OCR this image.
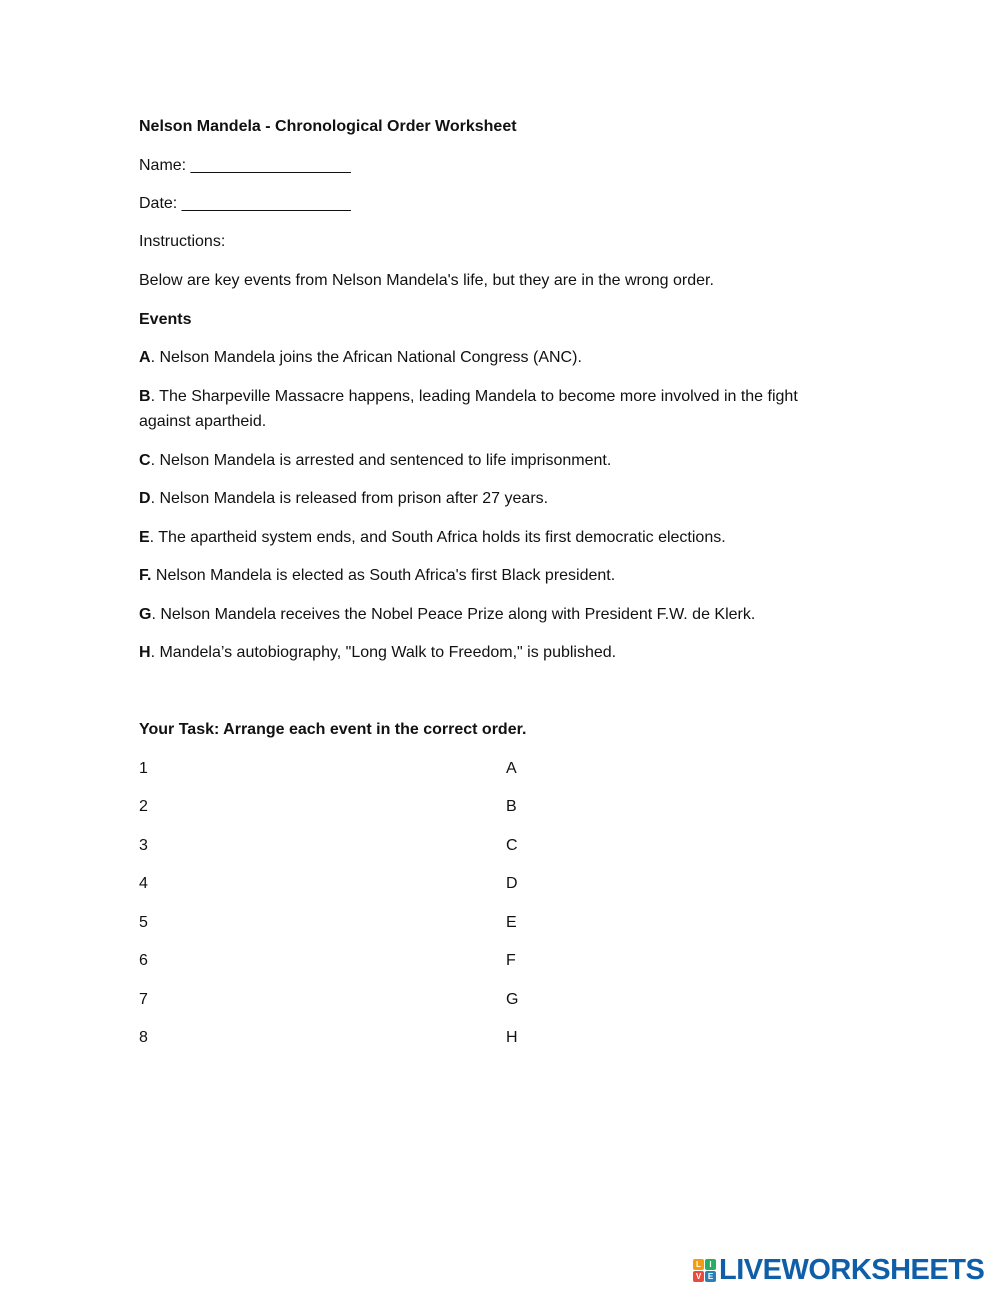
Nelson Mandela - Chronological Order Worksheet
Name: __________________
Date: ___________________
Instructions:
Below are key events from Nelson Mandela's life, but they are in the wrong order.
Events
A. Nelson Mandela joins the African National Congress (ANC).
B. The Sharpeville Massacre happens, leading Mandela to become more involved in the fight against apartheid.
C. Nelson Mandela is arrested and sentenced to life imprisonment.
D. Nelson Mandela is released from prison after 27 years.
E. The apartheid system ends, and South Africa holds its first democratic elections.
F. Nelson Mandela is elected as South Africa's first Black president.
G. Nelson Mandela receives the Nobel Peace Prize along with President F.W. de Klerk.
H. Mandela’s autobiography, "Long Walk to Freedom," is published.
Your Task: Arrange each event in the correct order.
1	A
2	B
3	C
4	D
5	E
6	F
7	G
8	H
L	I
V E LIVEWORKSHEETS
